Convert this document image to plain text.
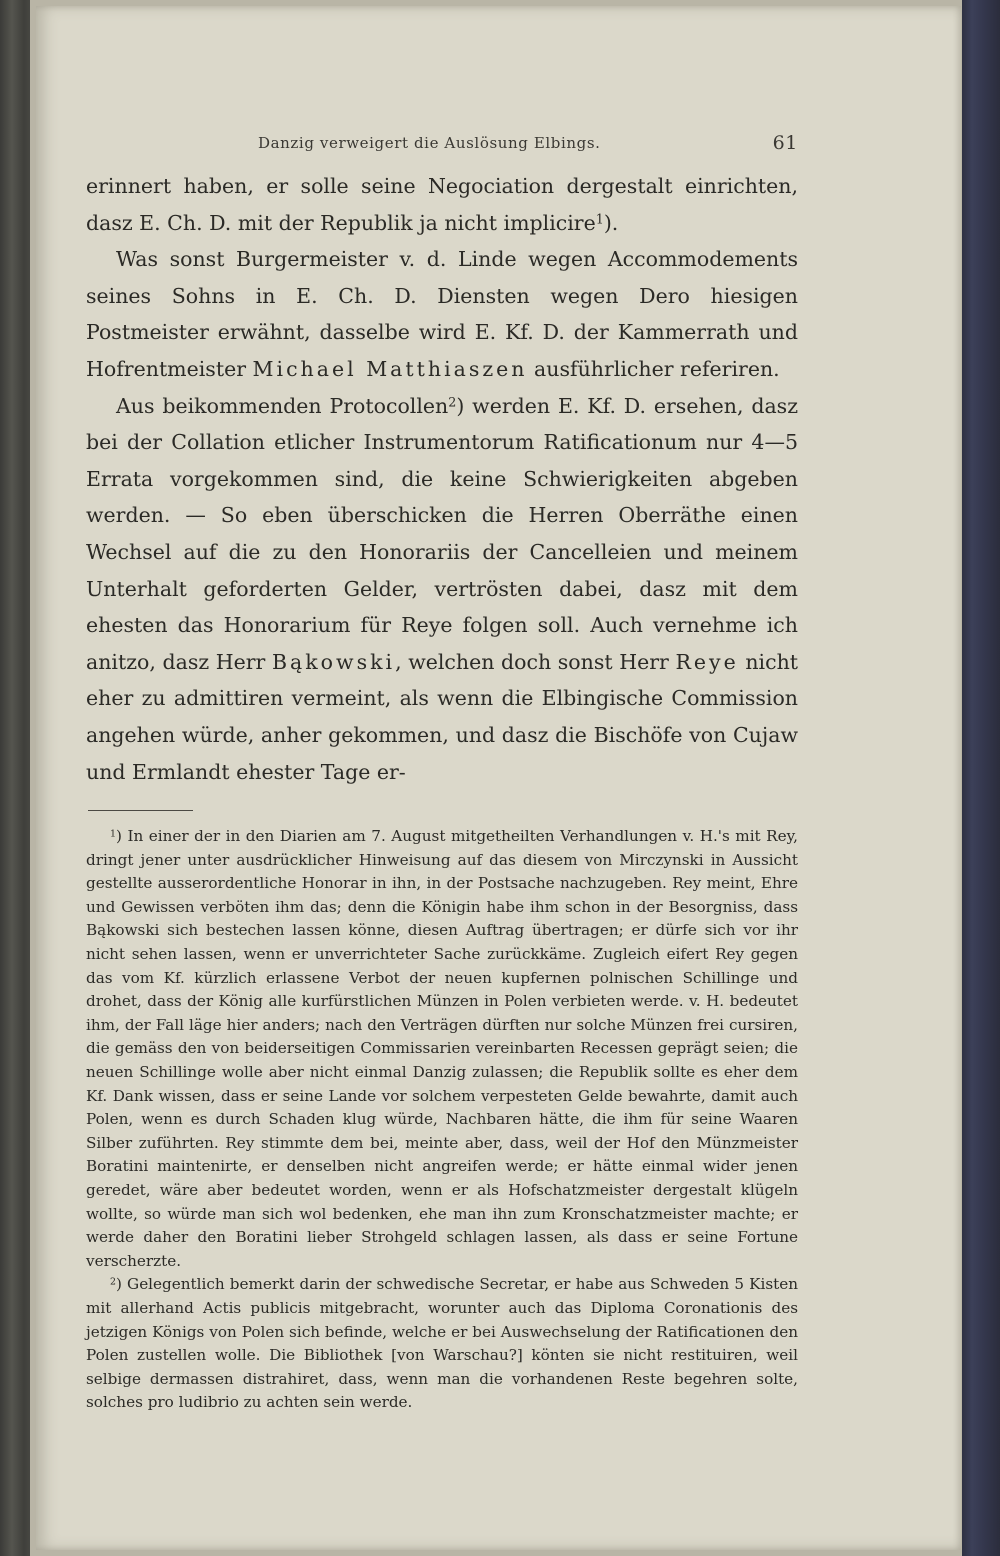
Danzig verweigert die Auslösung Elbings.	61

erinnert haben, er solle seine Negociation dergestalt einrichten, dasz E. Ch. D. mit der Republik ja nicht implicire$^1$).

Was sonst Burgermeister v. d. Linde wegen Accommodements seines Sohns in E. Ch. D. Diensten wegen Dero hiesigen Postmeister erwähnt, dasselbe wird E. Kf. D. der Kammerrath und Hofrentmeister Michael Matthiaszen ausführlicher referiren.

Aus beikommenden Protocollen$^2$) werden E. Kf. D. ersehen, dasz bei der Collation etlicher Instrumentorum Ratificationum nur 4—5 Errata vorgekommen sind, die keine Schwierigkeiten abgeben werden. — So eben überschicken die Herren Oberräthe einen Wechsel auf die zu den Honorariis der Cancelleien und meinem Unterhalt geforderten Gelder, vertrösten dabei, dasz mit dem ehesten das Honorarium für Reye folgen soll. Auch vernehme ich anitzo, dasz Herr Bąkowski, welchen doch sonst Herr Reye nicht eher zu admittiren vermeint, als wenn die Elbingische Commission angehen würde, anher gekommen, und dasz die Bischöfe von Cujaw und Ermlandt ehester Tage er-

$^1$) In einer der in den Diarien am 7. August mitgetheilten Verhandlungen v. H.'s mit Rey, dringt jener unter ausdrücklicher Hinweisung auf das diesem von Mirczynski in Aussicht gestellte ausserordentliche Honorar in ihn, in der Postsache nachzugeben. Rey meint, Ehre und Gewissen verböten ihm das; denn die Königin habe ihm schon in der Besorgniss, dass Bąkowski sich bestechen lassen könne, diesen Auftrag übertragen; er dürfe sich vor ihr nicht sehen lassen, wenn er unverrichteter Sache zurückkäme. Zugleich eifert Rey gegen das vom Kf. kürzlich erlassene Verbot der neuen kupfernen polnischen Schillinge und drohet, dass der König alle kurfürstlichen Münzen in Polen verbieten werde. v. H. bedeutet ihm, der Fall läge hier anders; nach den Verträgen dürften nur solche Münzen frei cursiren, die gemäss den von beiderseitigen Commissarien vereinbarten Recessen geprägt seien; die neuen Schillinge wolle aber nicht einmal Danzig zulassen; die Republik sollte es eher dem Kf. Dank wissen, dass er seine Lande vor solchem verpesteten Gelde bewahrte, damit auch Polen, wenn es durch Schaden klug würde, Nachbaren hätte, die ihm für seine Waaren Silber zuführten. Rey stimmte dem bei, meinte aber, dass, weil der Hof den Münzmeister Boratini maintenirte, er denselben nicht angreifen werde; er hätte einmal wider jenen geredet, wäre aber bedeutet worden, wenn er als Hofschatzmeister dergestalt klügeln wollte, so würde man sich wol bedenken, ehe man ihn zum Kronschatzmeister machte; er werde daher den Boratini lieber Strohgeld schlagen lassen, als dass er seine Fortune verscherzte.

$^2$) Gelegentlich bemerkt darin der schwedische Secretar, er habe aus Schweden 5 Kisten mit allerhand Actis publicis mitgebracht, worunter auch das Diploma Coronationis des jetzigen Königs von Polen sich befinde, welche er bei Auswechselung der Ratificationen den Polen zustellen wolle. Die Bibliothek [von Warschau?] könten sie nicht restituiren, weil selbige dermassen distrahiret, dass, wenn man die vorhandenen Reste begehren solte, solches pro ludibrio zu achten sein werde.
